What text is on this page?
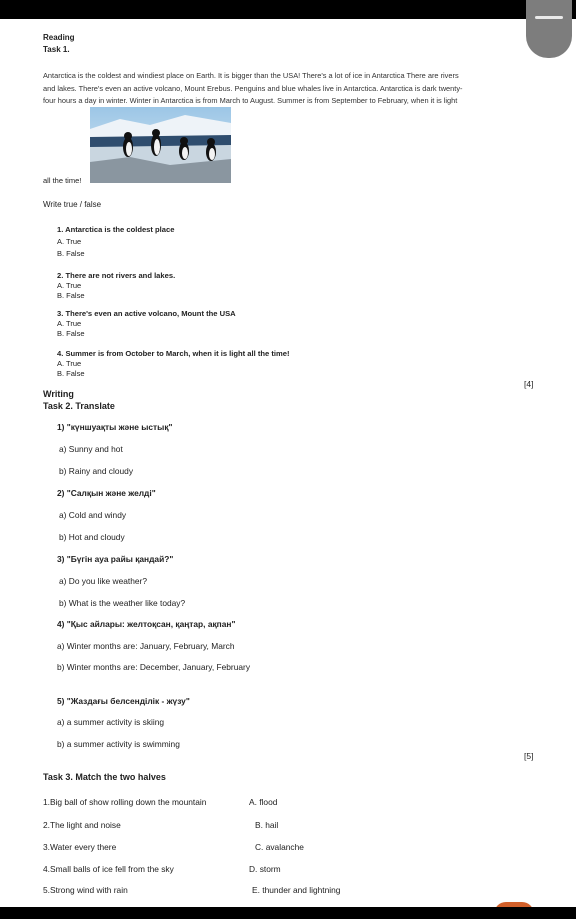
Reading
Task 1.
Antarctica is the coldest and windiest place on Earth. It is bigger than the USA! There's a lot of ice in Antarctica There are rivers
and lakes. There's even an active volcano, Mount Erebus. Penguins and blue whales live in Antarctica. Antarctica is dark twenty-
four hours a day in winter. Winter in Antarctica is from March to August. Summer is from September to February, when it is light
all the time!
Write true / false
1. Antarctica is the coldest place
A. True
B. False
2. There are not rivers and lakes.
A. True
B. False
3. There's even an active volcano, Mount the USA
A. True
B. False
4. Summer is from October to March, when it is light all the time!
A. True
B. False
[4]
Writing
Task 2. Translate
1) "күншуақты және ыстық"
a) Sunny and hot
b) Rainy and cloudy
2) "Салқын және желді"
a) Cold and windy
b) Hot and cloudy
3) "Бүгін ауа райы қандай?"
a) Do you like weather?
b) What is the weather like today?
4) "Қыс айлары: желтоқсан, қаңтар, ақпан"
a) Winter months are: January, February, March
b) Winter months are: December, January, February
5) "Жаздағы белсенділік - жүзу"
a) a summer activity is skiing
b) a summer activity is swimming
[5]
Task 3. Match the two halves
1.Big ball of show rolling down the mountain
2.The light and noise
3.Water every there
4.Small balls of ice fell from the sky
5.Strong wind with rain
A. flood
B. hail
C. avalanche
D. storm
E. thunder and lightning
